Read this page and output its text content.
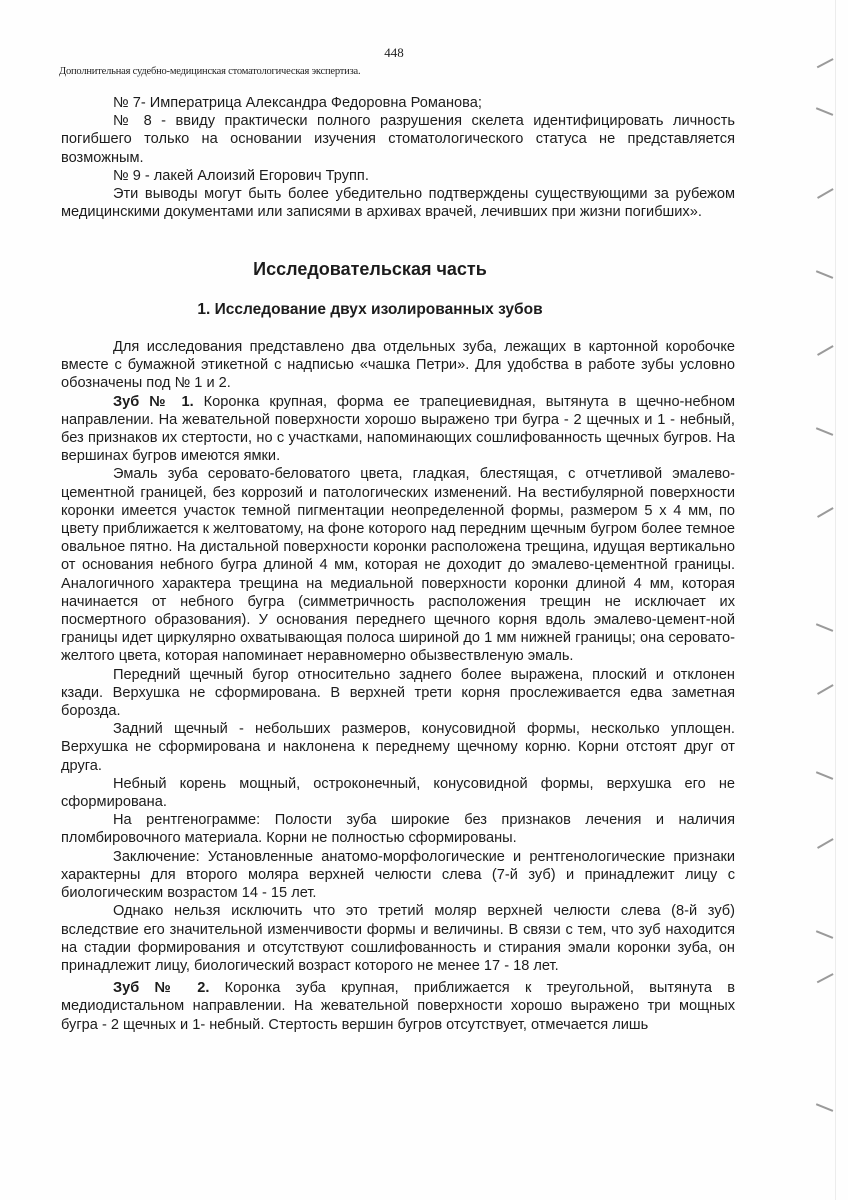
448
Дополнительная судебно-медицинская стоматологическая экспертиза.

№ 7- Императрица Александра Федоровна Романова;

№ 8 - ввиду практически полного разрушения скелета идентифицировать личность погибшего только на основании изучения стоматологического статуса не представляется возможным.

№ 9 - лакей Алоизий Егорович Трупп.

Эти выводы могут быть более убедительно подтверждены существующими за рубежом медицинскими документами или записями в архивах врачей, лечивших при жизни погибших».

Исследовательская часть
1. Исследование двух изолированных зубов

Для исследования представлено два отдельных зуба, лежащих в картонной коробочке вместе с бумажной этикетной с надписью «чашка Петри». Для удобства в работе зубы условно обозначены под № 1 и 2.

Зуб № 1. Коронка крупная, форма ее трапециевидная, вытянута в щечно-небном направлении. На жевательной поверхности хорошо выражено три бугра - 2 щечных и 1 - небный, без признаков их стертости, но с участками, напоминающих сошлифованность щечных бугров. На вершинах бугров имеются ямки.

Эмаль зуба серовато-беловатого цвета, гладкая, блестящая, с отчетливой эмалево-цементной границей, без коррозий и патологических изменений. На вестибулярной поверхности коронки имеется участок темной пигментации неопределенной формы, размером 5 х 4 мм, по цвету приближается к желтоватому, на фоне которого над передним щечным бугром более темное овальное пятно. На дистальной поверхности коронки расположена трещина, идущая вертикально от основания небного бугра длиной 4 мм, которая не доходит до эмалево-цементной границы. Аналогичного характера трещина на медиальной поверхности коронки длиной 4 мм, которая начинается от небного бугра (симметричность расположения трещин не исключает их посмертного образования). У основания переднего щечного корня вдоль эмалево-цемент-ной границы идет циркулярно охватывающая полоса шириной до 1 мм нижней границы; она серовато-желтого цвета, которая напоминает неравномерно обызвествленую эмаль.

Передний щечный бугор относительно заднего более выражена, плоский и отклонен кзади. Верхушка не сформирована. В верхней трети корня прослеживается едва заметная борозда.

Задний щечный - небольших размеров, конусовидной формы, несколько уплощен. Верхушка не сформирована и наклонена к переднему щечному корню. Корни отстоят друг от друга.

Небный корень мощный, остроконечный, конусовидной формы, верхушка его не сформирована.

На рентгенограмме: Полости зуба широкие без признаков лечения и наличия пломбировочного материала. Корни не полностью сформированы.

Заключение: Установленные анатомо-морфологические и рентгенологические признаки характерны для второго моляра верхней челюсти слева (7-й зуб) и принадлежит лицу с биологическим возрастом 14 - 15 лет.

Однако нельзя исключить что это третий моляр верхней челюсти слева (8-й зуб) вследствие его значительной изменчивости формы и величины. В связи с тем, что зуб находится на стадии формирования и отсутствуют сошлифованность и стирания эмали коронки зуба, он принадлежит лицу, биологический возраст которого не менее 17 - 18 лет.

Зуб № 2. Коронка зуба крупная, приближается к треугольной, вытянута в медиодистальном направлении. На жевательной поверхности хорошо выражено три мощных бугра - 2 щечных и 1- небный. Стертость вершин бугров отсутствует, отмечается лишь
